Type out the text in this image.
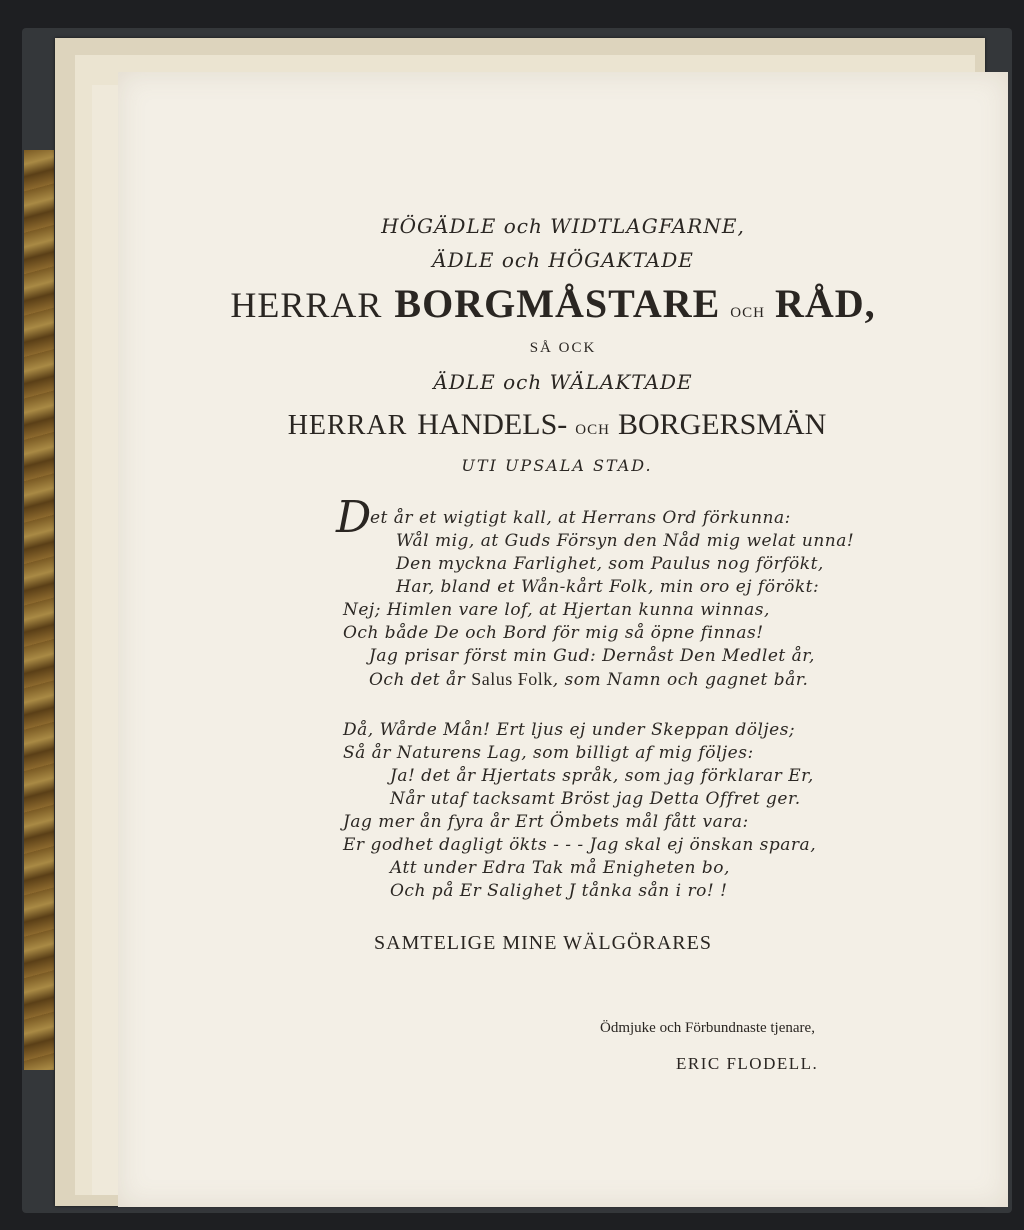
HÖGÄDLE och WIDTLAGFARNE,
ÄDLE och HÖGAKTADE
HERRAR BORGMÅSTARE OCH RÅD,
SÅ OCK
ÄDLE och WÄLAKTADE
HERRAR HANDELS- OCH BORGERSMÄN
UTI UPSALA STAD.
D
et år et wigtigt kall, at Herrans Ord förkunna:
Wål mig, at Guds Försyn den Nåd mig welat unna!
Den myckna Farlighet, som Paulus nog förfökt,
Har, bland et Wån-kårt Folk, min oro ej förökt:
Nej; Himlen vare lof, at Hjertan kunna winnas,
Och både De och Bord för mig så öpne finnas!
Jag prisar först min Gud: Dernåst Den Medlet år,
Och det år Salus Folk, som Namn och gagnet bår.
Då, Wårde Mån! Ert ljus ej under Skeppan döljes;
Så år Naturens Lag, som billigt af mig följes:
Ja! det år Hjertats språk, som jag förklarar Er,
Når utaf tacksamt Bröst jag Detta Offret ger.
Jag mer ån fyra år Ert Ömbets mål fått vara:
Er godhet dagligt ökts - - - Jag skal ej önskan spara,
Att under Edra Tak må Enigheten bo,
Och på Er Salighet J tånka sån i ro! !
SAMTELIGE MINE WÄLGÖRARES
Ödmjuke och Förbundnaste tjenare,
ERIC FLODELL.
